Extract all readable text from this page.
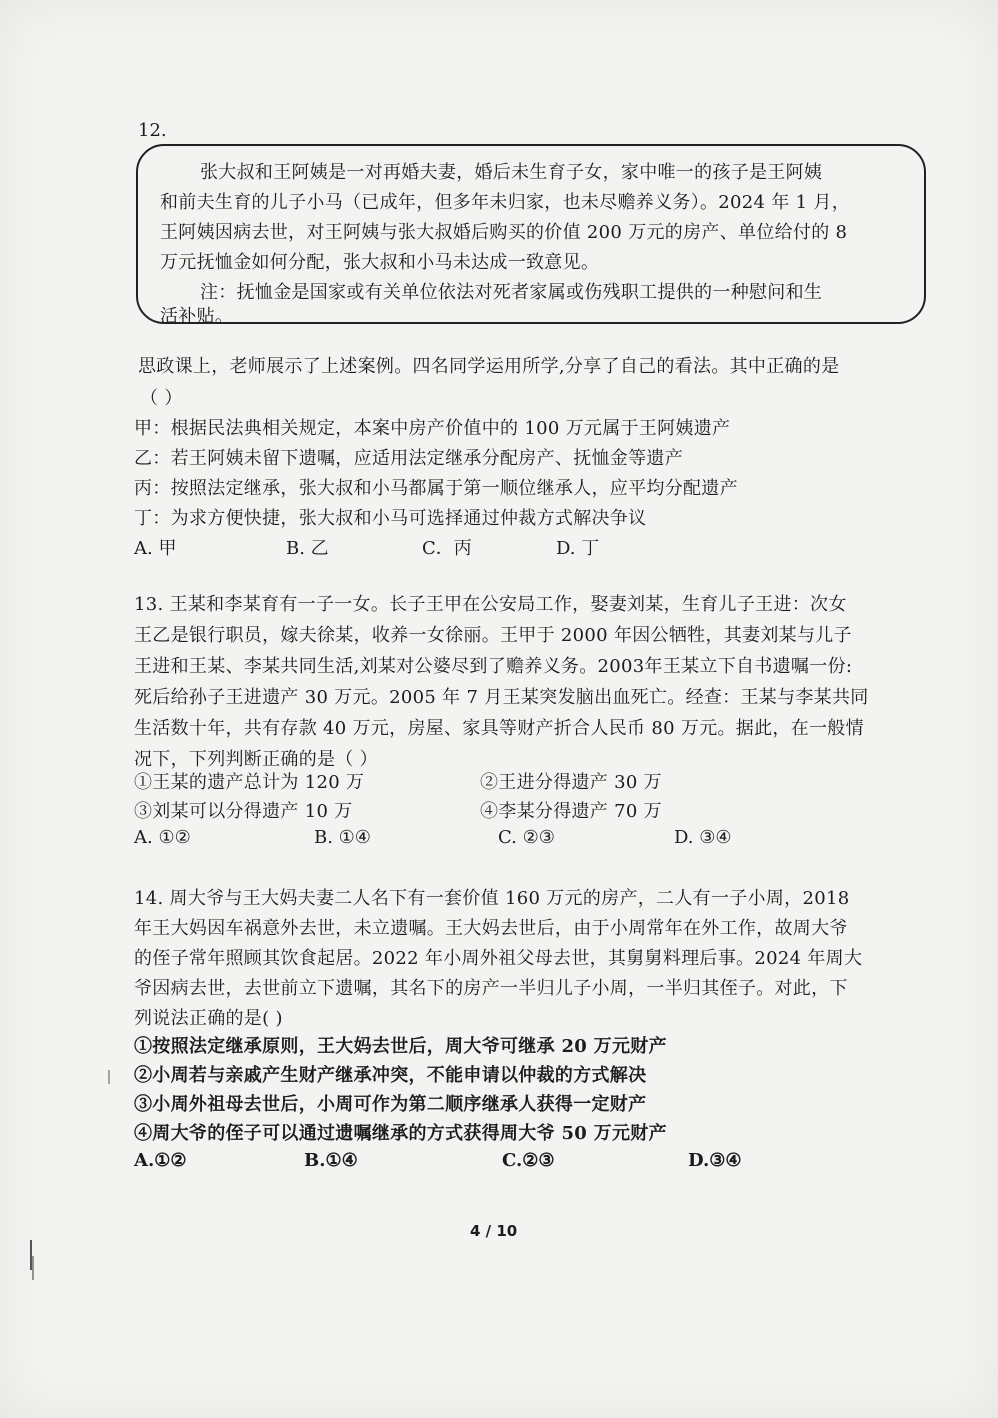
12.
张大叔和王阿姨是一对再婚夫妻，婚后未生育子女，家中唯一的孩子是王阿姨
和前夫生育的儿子小马（已成年，但多年未归家，也未尽赡养义务）。2024 年 1 月，
王阿姨因病去世，对王阿姨与张大叔婚后购买的价值 200 万元的房产、单位给付的 8
万元抚恤金如何分配，张大叔和小马未达成一致意见。
注：抚恤金是国家或有关单位依法对死者家属或伤残职工提供的一种慰问和生
活补贴。
思政课上，老师展示了上述案例。四名同学运用所学,分享了自己的看法。其中正确的是
（ ）
甲：根据民法典相关规定，本案中房产价值中的 100 万元属于王阿姨遗产
乙：若王阿姨未留下遗嘱，应适用法定继承分配房产、抚恤金等遗产
丙：按照法定继承，张大叔和小马都属于第一顺位继承人，应平均分配遗产
丁：为求方便快捷，张大叔和小马可选择通过仲裁方式解决争议
A. 甲	B. 乙	C．丙	D. 丁
13. 王某和李某育有一子一女。长子王甲在公安局工作，娶妻刘某，生育儿子王进：次女
王乙是银行职员，嫁夫徐某，收养一女徐丽。王甲于 2000 年因公牺牲，其妻刘某与儿子
王进和王某、李某共同生活,刘某对公婆尽到了赡养义务。2003年王某立下自书遗嘱一份:
死后给孙子王进遗产 30 万元。2005 年 7 月王某突发脑出血死亡。经查：王某与李某共同
生活数十年，共有存款 40 万元，房屋、家具等财产折合人民币 80 万元。据此，在一般情
况下，下列判断正确的是（ ）
①王某的遗产总计为 120 万	②王进分得遗产 30 万
③刘某可以分得遗产 10 万	④李某分得遗产 70 万
A. ①②	B. ①④	C. ②③	D. ③④
14. 周大爷与王大妈夫妻二人名下有一套价值 160 万元的房产，二人有一子小周，2018
年王大妈因车祸意外去世，未立遗嘱。王大妈去世后，由于小周常年在外工作，故周大爷
的侄子常年照顾其饮食起居。2022 年小周外祖父母去世，其舅舅料理后事。2024 年周大
爷因病去世，去世前立下遗嘱，其名下的房产一半归儿子小周，一半归其侄子。对此，下
列说法正确的是( )
①按照法定继承原则，王大妈去世后，周大爷可继承 20 万元财产
②小周若与亲戚产生财产继承冲突，不能申请以仲裁的方式解决
③小周外祖母去世后，小周可作为第二顺序继承人获得一定财产
④周大爷的侄子可以通过遗嘱继承的方式获得周大爷 50 万元财产
A.①②	B.①④	C.②③	D.③④
4 / 10
